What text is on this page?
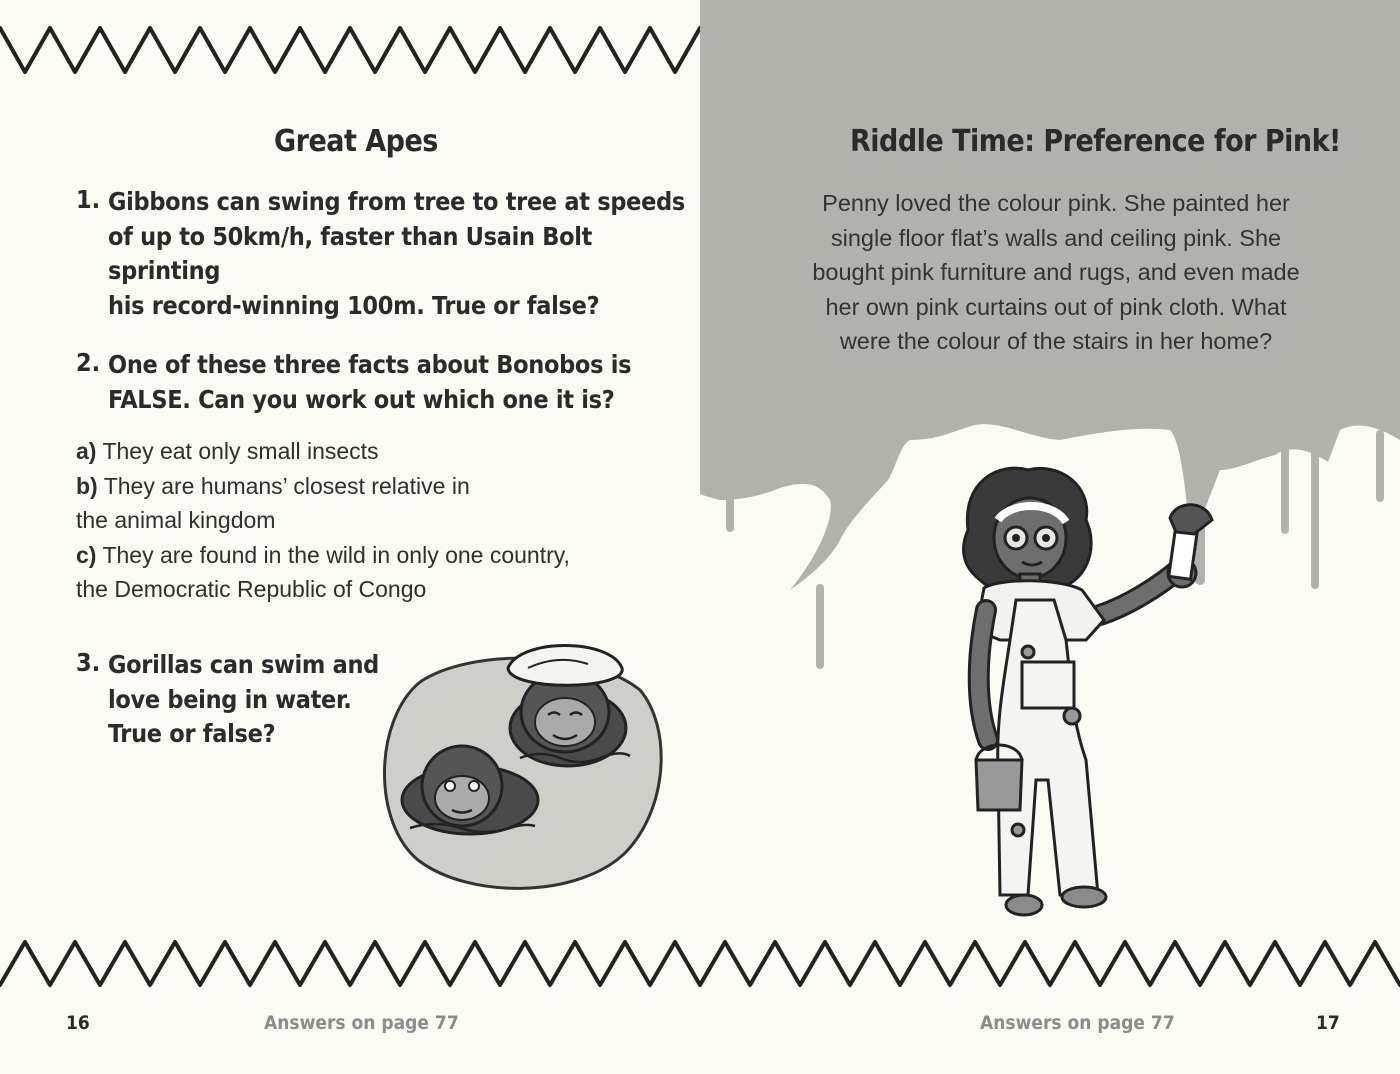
Great Apes
1. Gibbons can swing from tree to tree at speeds
of up to 50km/h, faster than Usain Bolt sprinting
his record-winning 100m. True or false?
2. One of these three facts about Bonobos is
FALSE. Can you work out which one it is?
a) They eat only small insects
b) They are humans’ closest relative in
the animal kingdom
c) They are found in the wild in only one country,
the Democratic Republic of Congo
3. Gorillas can swim and
love being in water.
True or false?
16	Answers on page 77
Riddle Time: Preference for Pink!
Penny loved the colour pink. She painted her
single floor flat’s walls and ceiling pink. She
bought pink furniture and rugs, and even made
her own pink curtains out of pink cloth. What
were the colour of the stairs in her home?
Answers on page 77	17
